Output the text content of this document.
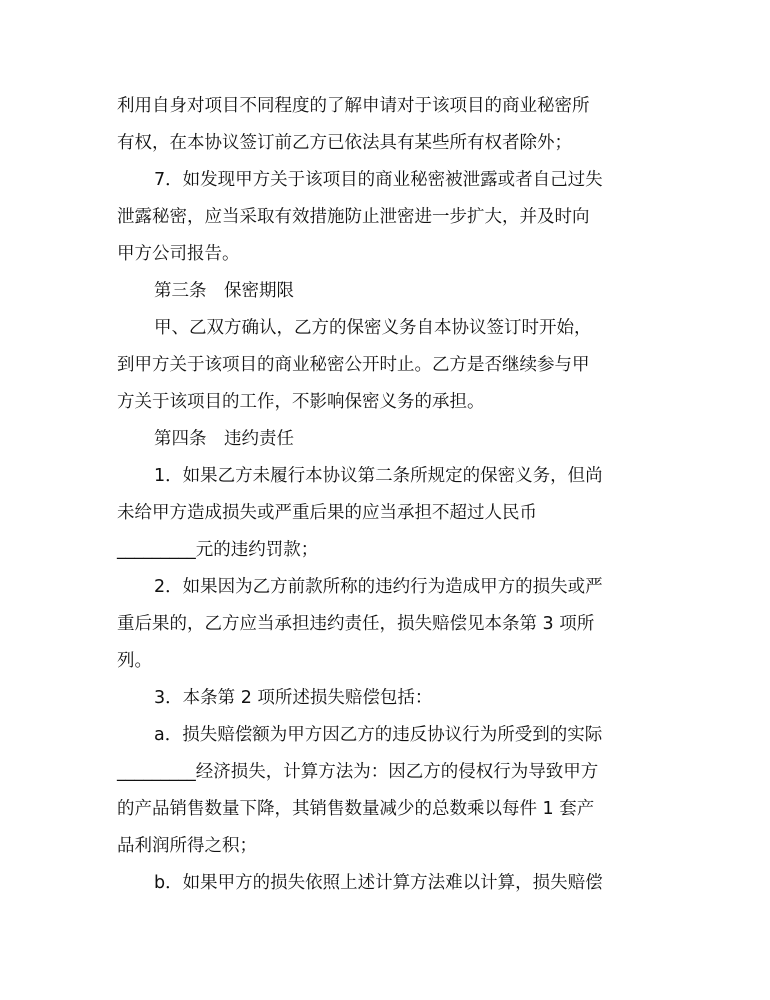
利用自身对项目不同程度的了解申请对于该项目的商业秘密所
有权，在本协议签订前乙方已依法具有某些所有权者除外；
7．如发现甲方关于该项目的商业秘密被泄露或者自己过失
泄露秘密，应当采取有效措施防止泄密进一步扩大，并及时向
甲方公司报告。
第三条　保密期限
甲、乙双方确认，乙方的保密义务自本协议签订时开始，
到甲方关于该项目的商业秘密公开时止。乙方是否继续参与甲
方关于该项目的工作，不影响保密义务的承担。
第四条　违约责任
1．如果乙方未履行本协议第二条所规定的保密义务，但尚
未给甲方造成损失或严重后果的应当承担不超过人民币
_________元的违约罚款；
2．如果因为乙方前款所称的违约行为造成甲方的损失或严
重后果的，乙方应当承担违约责任，损失赔偿见本条第 3 项所
列。
3．本条第 2 项所述损失赔偿包括：
a．损失赔偿额为甲方因乙方的违反协议行为所受到的实际
_________经济损失，计算方法为：因乙方的侵权行为导致甲方
的产品销售数量下降，其销售数量减少的总数乘以每件 1 套产
品利润所得之积；
b．如果甲方的损失依照上述计算方法难以计算，损失赔偿
